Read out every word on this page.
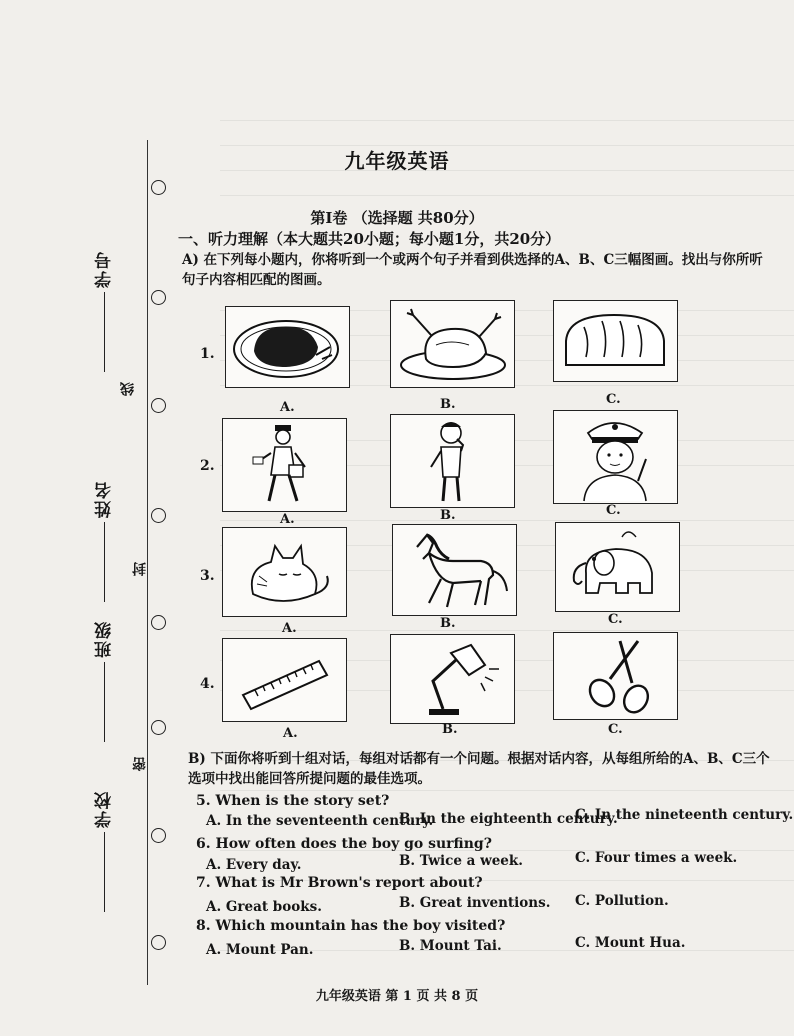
学号
线
姓名
封
班级
密
学校
九年级英语
第I卷 （选择题 共80分）
一、听力理解（本大题共20小题；每小题1分，共20分）
A) 在下列每小题内，你将听到一个或两个句子并看到供选择的A、B、C三幅图画。找出与你所听句子内容相匹配的图画。
1.
A.	B.	C.
2.
A.	B.	C.
3.
A.	B.	C.
4.
A.	B.	C.
B) 下面你将听到十组对话，每组对话都有一个问题。根据对话内容，从每组所给的A、B、C三个选项中找出能回答所提问题的最佳选项。
5. When is the story set?
A. In the seventeenth century.
B. In the eighteenth century.
C. In the nineteenth century.
6. How often does the boy go surfing?
A. Every day.	B. Twice a week.	C. Four times a week.
7. What is Mr Brown's report about?
A. Great books.	B. Great inventions. C. Pollution.
8. Which mountain has the boy visited?
A. Mount Pan.	B. Mount Tai.	C. Mount Hua.
九年级英语 第 1 页 共 8 页
